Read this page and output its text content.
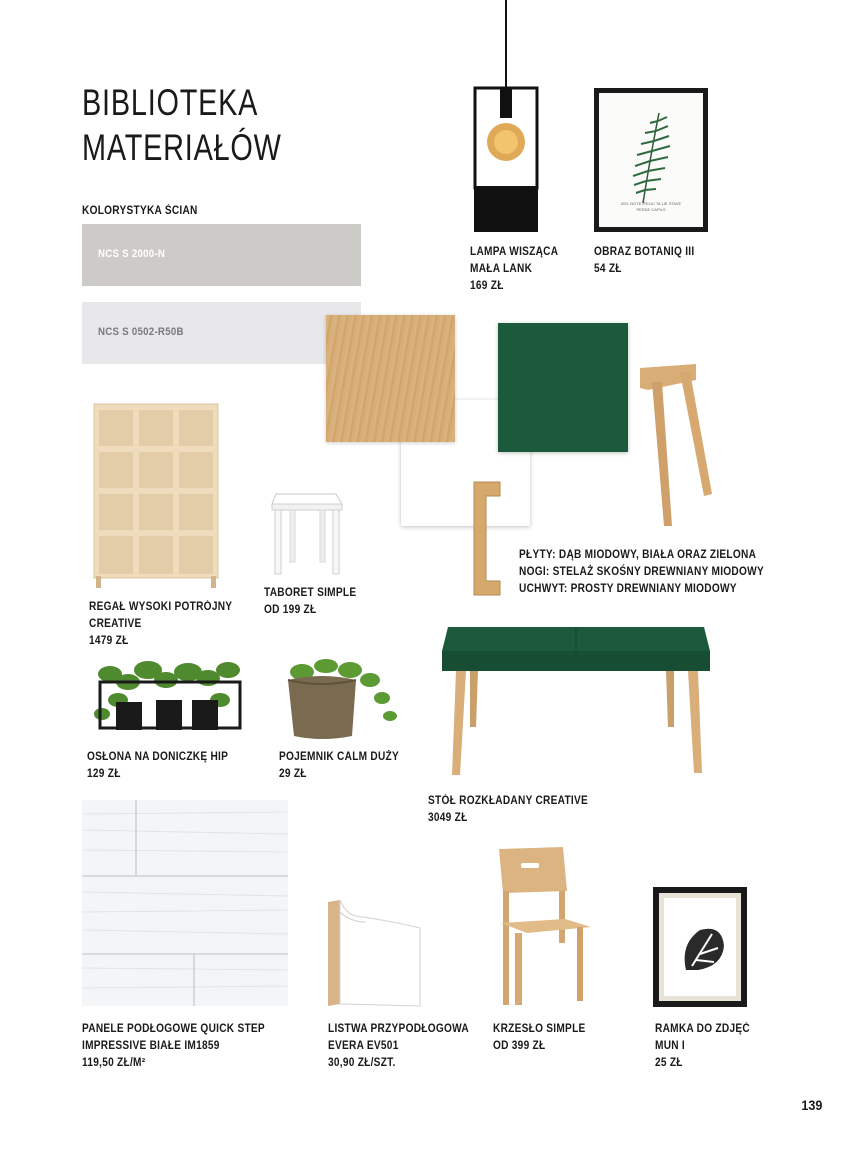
BIBLIOTEKA
MATERIAŁÓW
KOLORYSTYKA ŚCIAN
NCS S 2000-N
NCS S 0502-R50B
LAMPA WISZĄCA
MAŁA LANK
169 ZŁ
ZIEL NOTE IFELIC TA LIE STAVE
PERDE CAPILS
OBRAZ BOTANIQ III
54 ZŁ
PŁYTY: DĄB MIODOWY, BIAŁA ORAZ ZIELONA
NOGI: STELAŻ SKOŚNY DREWNIANY MIODOWY
UCHWYT: PROSTY DREWNIANY MIODOWY
REGAŁ WYSOKI POTRÓJNY
CREATIVE
1479 ZŁ
TABORET SIMPLE
OD 199 ZŁ
OSŁONA NA DONICZKĘ HIP
129 ZŁ
POJEMNIK CALM DUŻY
29 ZŁ
STÓŁ ROZKŁADANY CREATIVE
3049 ZŁ
PANELE PODŁOGOWE QUICK STEP
IMPRESSIVE BIAŁE IM1859
119,50 ZŁ/M²
LISTWA PRZYPODŁOGOWA
EVERA EV501
30,90 ZŁ/SZT.
KRZESŁO SIMPLE
OD 399 ZŁ
RAMKA DO ZDJĘĆ
MUN I
25 ZŁ
139
